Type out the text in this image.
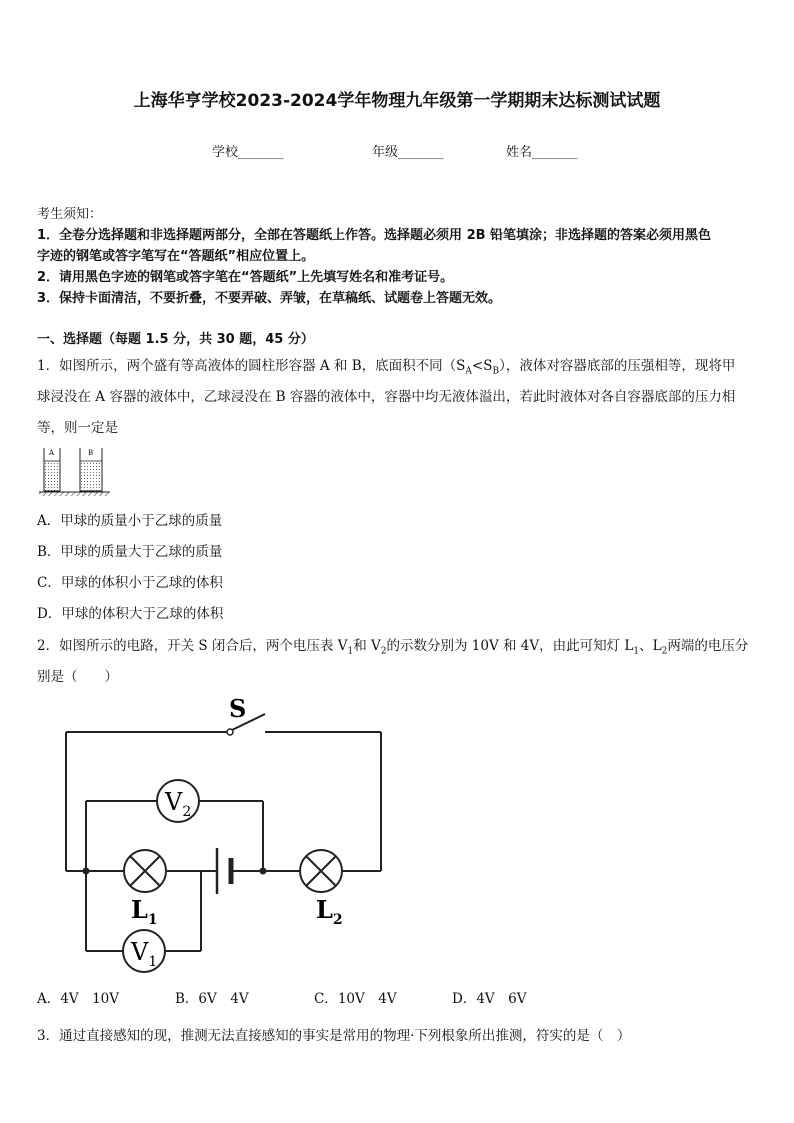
上海华亨学校2023-2024学年物理九年级第一学期期末达标测试试题
学校_______	年级_______	姓名_______
考生须知：
1．全卷分选择题和非选择题两部分，全部在答题纸上作答。选择题必须用 2B 铅笔填涂；非选择题的答案必须用黑色
字迹的钢笔或答字笔写在“答题纸”相应位置上。
2．请用黑色字迹的钢笔或答字笔在“答题纸”上先填写姓名和准考证号。
3．保持卡面清洁，不要折叠，不要弄破、弄皱，在草稿纸、试题卷上答题无效。
一、选择题（每题 1.5 分，共 30 题，45 分）
1．如图所示，两个盛有等高液体的圆柱形容器 A 和 B，底面积不同$(S_A<S_B)$，液体对容器底部的压强相等，现将甲
球浸没在 A 容器的液体中，乙球浸没在 B 容器的液体中，容器中均无液体溢出，若此时液体对各自容器底部的压力相
等，则一定是
A	B
A．甲球的质量小于乙球的质量
B．甲球的质量大于乙球的质量
C．甲球的体积小于乙球的体积
D．甲球的体积大于乙球的体积
2．如图所示的电路，开关 S 闭合后，两个电压表 $V_1$和 $V_2$的示数分别为 10V 和 4V，由此可知灯 $L_1$、$L_2$两端的电压分
别是（　　）
$V_2$
$V_1$
S
$L_1$	$L_2$
A．4V　10V	B．6V　4V	C．10V　4V	D．4V　6V
3．通过直接感知的现，推测无法直接感知的事实是常用的物理·下列根象所出推测，符实的是（　）
